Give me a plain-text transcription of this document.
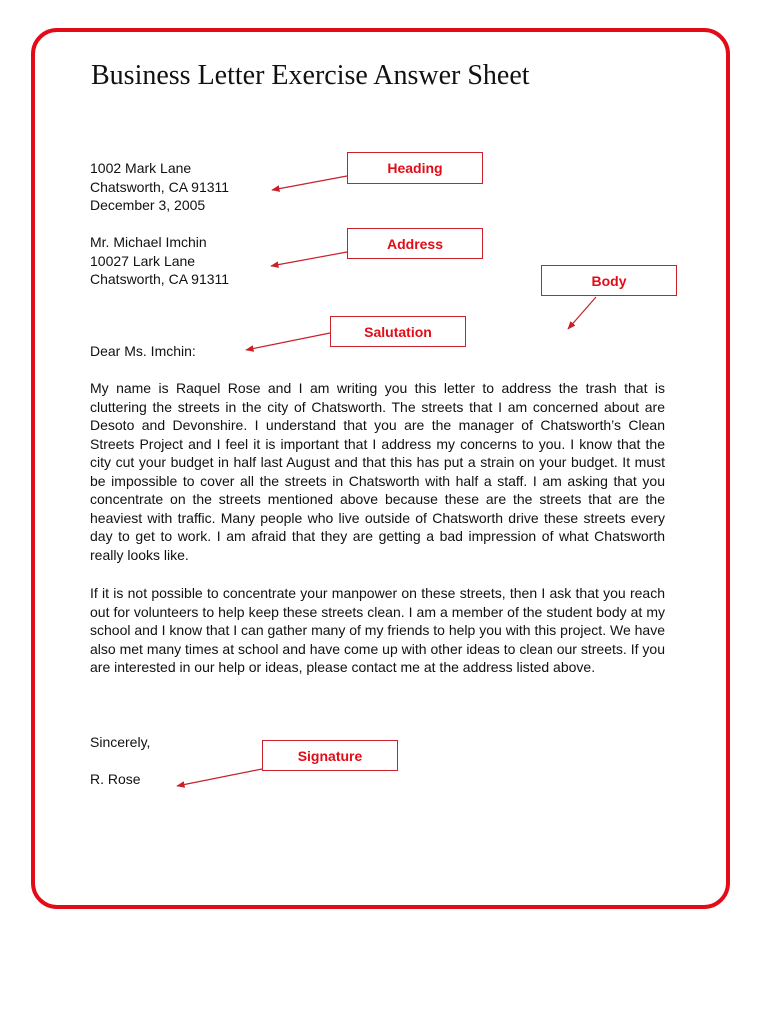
Business Letter Exercise Answer Sheet
1002 Mark Lane
Chatsworth, CA 91311
December 3, 2005
Mr. Michael Imchin
10027 Lark Lane
Chatsworth, CA 91311
Dear Ms. Imchin:
My name is Raquel Rose and I am writing you this letter to address the trash that is cluttering the streets in the city of Chatsworth. The streets that I am concerned about are Desoto and Devonshire. I understand that you are the manager of Chatsworth’s Clean Streets Project and I feel it is important that I address my concerns to you. I know that the city cut your budget in half last August and that this has put a strain on your budget. It must be impossible to cover all the streets in Chatsworth with half a staff. I am asking that you concentrate on the streets mentioned above because these are the streets that are the heaviest with traffic. Many people who live outside of Chatsworth drive these streets every day to get to work. I am afraid that they are getting a bad impression of what Chatsworth really looks like.
If it is not possible to concentrate your manpower on these streets, then I ask that you reach out for volunteers to help keep these streets clean. I am a member of the student body at my school and I know that I can gather many of my friends to help you with this project. We have also met many times at school and have come up with other ideas to clean our streets. If you are interested in our help or ideas, please contact me at the address listed above.
Sincerely,
R. Rose
Heading
Address
Body
Salutation
Signature
